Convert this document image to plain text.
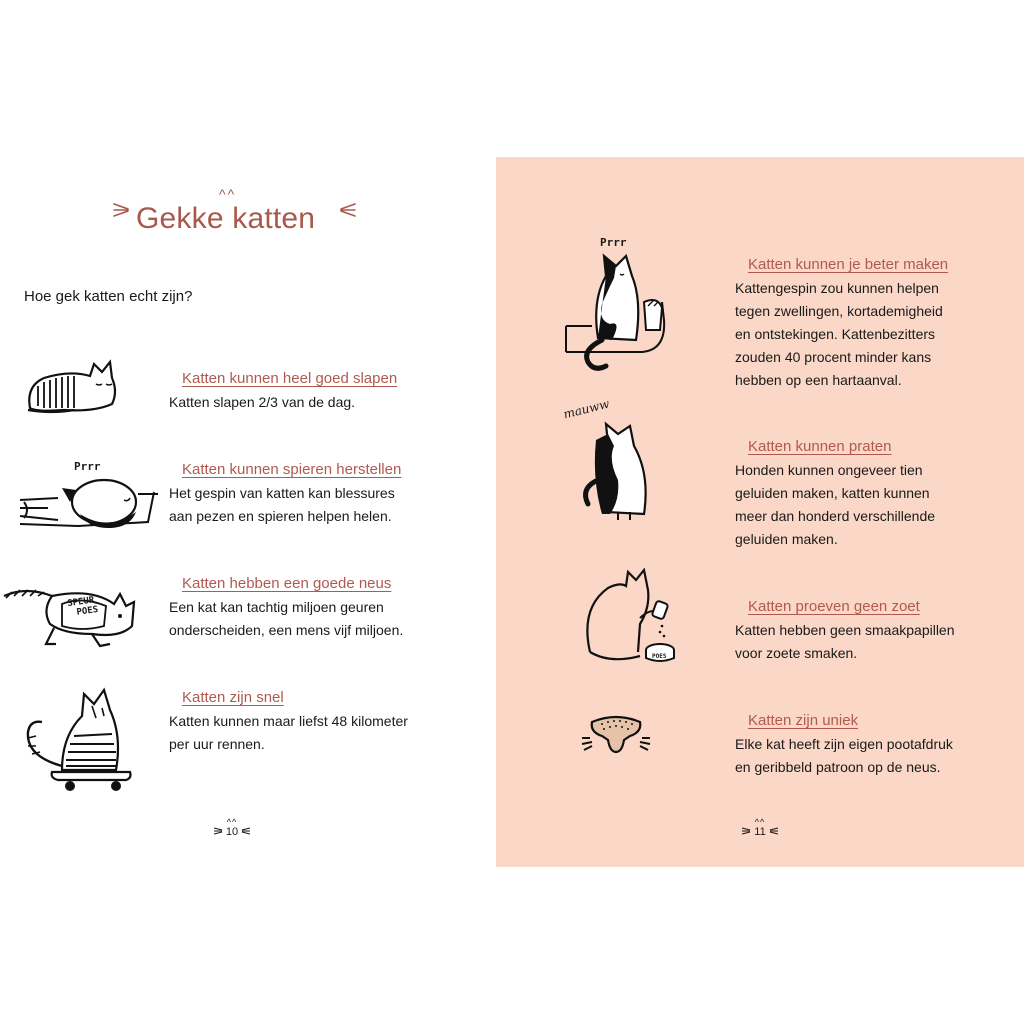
^^
Gekke katten
Hoe gek katten echt zijn?
Katten kunnen heel goed slapen
Katten slapen 2/3 van de dag.
Prrr	Katten kunnen spieren herstellen
Het gespin van katten kan blessures
aan pezen en spieren helpen helen.
SPEUR
POES
Katten hebben een goede neus
Een kat kan tachtig miljoen geuren
onderscheiden, een mens vijf miljoen.
Katten zijn snel
Katten kunnen maar liefst 48 kilometer
per uur rennen.
^^
10
Prrr
Katten kunnen je beter maken
Kattengespin zou kunnen helpen
tegen zwellingen, kortademigheid
en ontstekingen. Kattenbezitters
zouden 40 procent minder kans
hebben op een hartaanval.
mauww
Katten kunnen praten
Honden kunnen ongeveer tien
geluiden maken, katten kunnen
meer dan honderd verschillende
geluiden maken.
POES
Katten proeven geen zoet
Katten hebben geen smaakpapillen
voor zoete smaken.
Katten zijn uniek
Elke kat heeft zijn eigen pootafdruk
en geribbeld patroon op de neus.
^^
11
